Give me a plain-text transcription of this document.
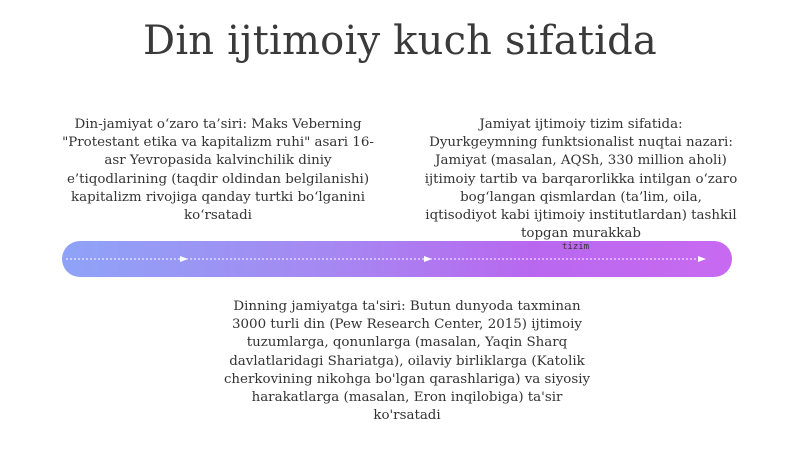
Din ijtimoiy kuch sifatida
Din-jamiyat o‘zaro ta’siri: Maks Veberning "Protestant etika va kapitalizm ruhi" asari 16-asr Yevropasida kalvinchilik diniy e’tiqodlarining (taqdir oldindan belgilanishi) kapitalizm rivojiga qanday turtki bo‘lganini ko‘rsatadi
Jamiyat ijtimoiy tizim sifatida: Dyurkgeymning funktsionalist nuqtai nazari: Jamiyat (masalan, AQSh, 330 million aholi) ijtimoiy tartib va barqarorlikka intilgan o‘zaro bog‘langan qismlardan (ta’lim, oila, iqtisodiyot kabi ijtimoiy institutlardan) tashkil topgan murakkab
tizim
Dinning jamiyatga ta'siri: Butun dunyoda taxminan 3000 turli din (Pew Research Center, 2015) ijtimoiy tuzumlarga, qonunlarga (masalan, Yaqin Sharq davlatlaridagi Shariatga), oilaviy birliklarga (Katolik cherkovining nikohga bo'lgan qarashlariga) va siyosiy harakatlarga (masalan, Eron inqilobiga) ta'sir ko'rsatadi
